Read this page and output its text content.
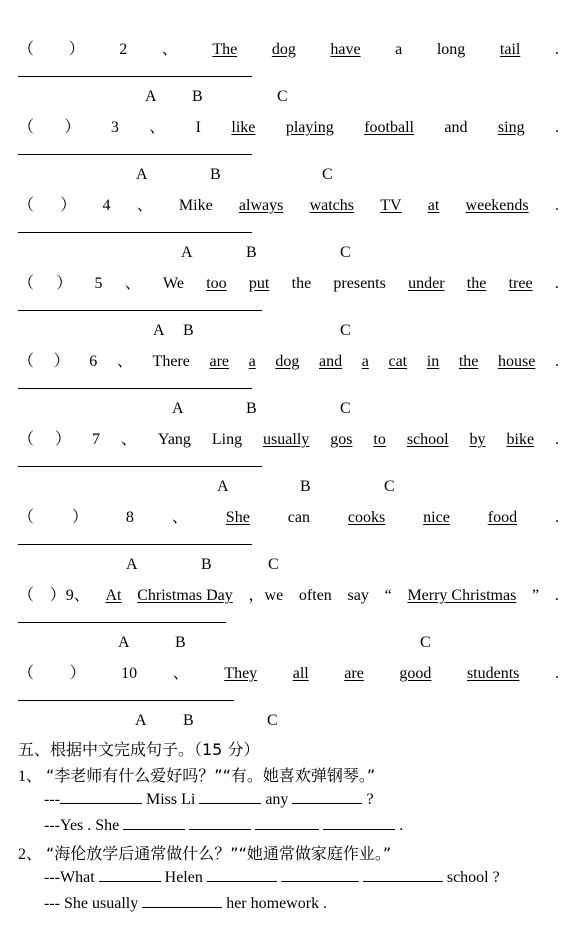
（ ） 2 、 The dog have a long tail .
A B	C
（ ） 3 、 I like playing football and sing .
A	B	C
（ ） 4 、 Mike always watchs TV at weekends .
A	B	C
（ ） 5 、 We too put the presents under the tree .
A B	C
（ ） 6 、 There are a dog and a cat in the house .
A	B	C
（ ） 7 、 Yang Ling usually gos to school by bike .
A	B	C
（ ） 8 、 She can cooks nice food .
A	B	C
（ ）9、 At Christmas Day ，we often say “ Merry Christmas ” .
A	B	C
（ ） 10 、 They all are good students .
A B	C
五、根据中文完成句子。（15 分）
1、 “李老师有什么爱好吗？”“有。她喜欢弹钢琴。”
---	Miss Li	any	?
---Yes . She	.
2、 “海伦放学后通常做什么？”“她通常做家庭作业。”
---What	Helen	school ?
--- She usually	her homework .
